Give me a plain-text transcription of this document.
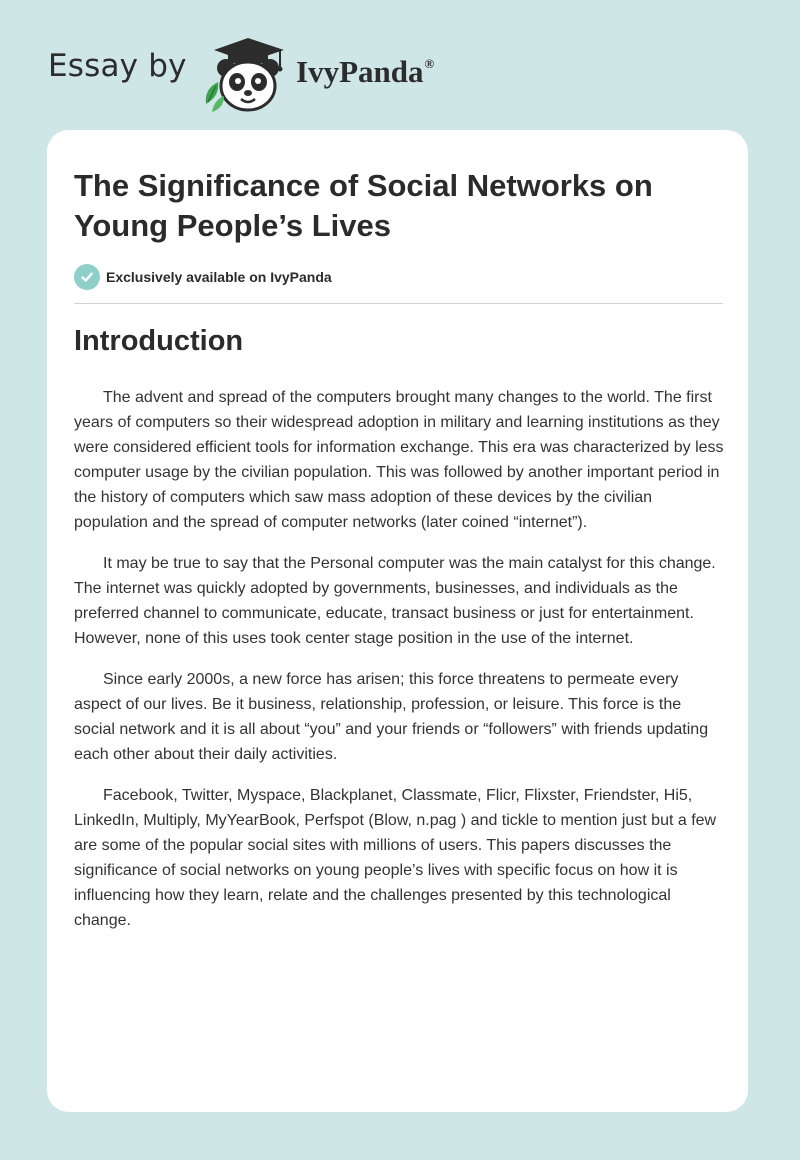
Essay by	IvyPanda®
The Significance of Social Networks on Young People’s Lives
Exclusively available on IvyPanda
Introduction

The advent and spread of the computers brought many changes to the world. The first years of computers so their widespread adoption in military and learning institutions as they were considered efficient tools for information exchange. This era was characterized by less computer usage by the civilian population. This was followed by another important period in the history of computers which saw mass adoption of these devices by the civilian population and the spread of computer networks (later coined “internet”).

It may be true to say that the Personal computer was the main catalyst for this change. The internet was quickly adopted by governments, businesses, and individuals as the preferred channel to communicate, educate, transact business or just for entertainment. However, none of this uses took center stage position in the use of the internet.

Since early 2000s, a new force has arisen; this force threatens to permeate every aspect of our lives. Be it business, relationship, profession, or leisure. This force is the social network and it is all about “you” and your friends or “followers” with friends updating each other about their daily activities.

Facebook, Twitter, Myspace, Blackplanet, Classmate, Flicr, Flixster, Friendster, Hi5, LinkedIn, Multiply, MyYearBook, Perfspot (Blow, n.pag ) and tickle to mention just but a few are some of the popular social sites with millions of users. This papers discusses the significance of social networks on young people’s lives with specific focus on how it is influencing how they learn, relate and the challenges presented by this technological change.
